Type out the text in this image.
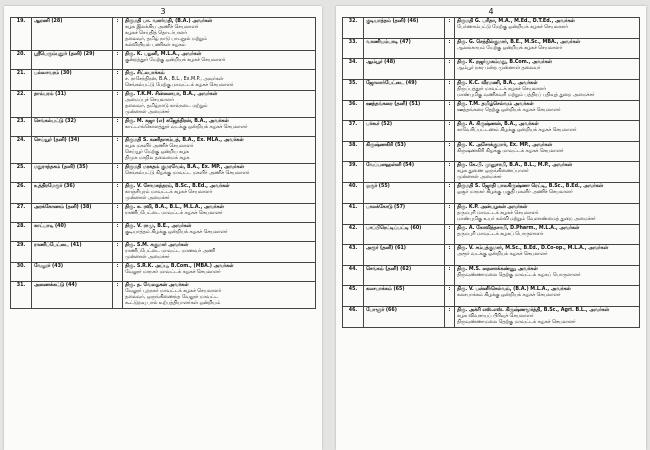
3
19.	ஆரணி (28)	:	திருமதி பா. வளர்மதி, (B.A.) அவர்கள்
கழக இலக்கிய அணிச் செயலாளர்
கழகச் செய்தித் தொடர்பாளர்
தலைவர், தமிழ் நாடு பாடநூல் மற்றும்
கல்வியியல் பணிகள் கழகம்

20.	ஸ்ரீபெரும்புதூர் (தனி) (29)	:	திரு. K. பழனி, M.L.A., அவர்கள்
குன்றத்தூர் மேற்கு ஒன்றியக் கழகச் செயலாளர்

21.	பல்லாவரம் (30)	:	திரு. சிட்லபாக்கம்
ச. ராசேந்திரன், B.A., B.L., Ex.M.P., அவர்கள்
செங்கல்பட்டு மேற்கு மாவட்டக் கழகச் செயலாளர்

22.	தாம்பரம் (31)	:	திரு. T.K.M. சின்னையா, B.A., அவர்கள்
அமைப்புச் செயலாளர்
தலைவர், தமிழ்நாடு கால்நடை மற்றும்
முன்னாள் அமைச்சர்

23.	செங்கல்பட்டு (32)	:	திரு. M. கஜா (எ) கஜேந்திரன், B.A., அவர்கள்
காட்டாங்கொளத்தூர் வடக்கு ஒன்றியக் கழகச் செயலாளர்

24.	செய்யூர் (தனி) (34)	:	திருமதி S. கணிதாசம்பத், B.A., Ex. MLA., அவர்கள்
கழக மகளிர் அணிச் செயலாளர்
செய்யூர் மேற்கு ஒன்றிய கழக
திமுக மாநில தலைமைக் கழக

25.	மதுராந்தகம் (தனி) (35)	:	திருமதி மரகதம் குமரவேல், B.A., Ex. MP., அவர்கள்
செங்கல்பட்டு கிழக்கு மாவட்ட மகளிர் அணிச் செயலாளர்

26.	உத்திரமேரூர் (36)	:	திரு. V. சோமசுந்தரம், B.Sc., B.Ed., அவர்கள்
காஞ்சிபுரம் மாவட்டக் கழகச் செயலாளர்
முன்னாள் அமைச்சர்

27.	அரக்கோணம் (தனி) (38)	:	திரு. சு. ரவி, B.A., B.L., M.L.A., அவர்கள்
ராணிப்பேட்டை மாவட்டக் கழகச் செயலாளர்

28.	காட்பாடி (40)	:	திரு. V. ராமு, B.E., அவர்கள்
குடியாத்தம் கிழக்கு ஒன்றியக் கழகச் செயலாளர்

29.	ராணிப்பேட்டை (41)	:	திரு. S.M. சுகுமார் அவர்கள்
ராணிப்பேட்டை மாவட்ட மாணவர் அணி
முன்னாள் அமைச்சர்

30.	வேலூர் (43)	:	திரு. S.R.K. அப்பு, B.Com., (MBA.) அவர்கள்
வேலூர் மாநகர் மாவட்டக் கழகச் செயலாளர்

31.	அணைக்கட்டு (44)	:	திரு. த. வேலழகன் அவர்கள்
வேலூர் புறநகர் மாவட்டக் கழகச் செயலாளர்
தலைவர், ஒருங்கிணைந்த வேலூர் மாவட்ட
கூட்டுறவு பால் உற்பத்தியாளர்கள் ஒன்றியம்
4
32.	குடியாத்தம் (தனி) (46)	:	திருமதி G. பரிதா, M.A., M.Ed., D.T.Ed., அவர்கள்
பேர்ணாம்பட்டு மேற்கு ஒன்றியக் கழகச் செயலாளர்

33.	வாணியம்பாடி (47)	:	திரு. G. செந்தில்குமார், B.E., M.Sc., MBA., அவர்கள்
ஆலங்காயம் மேற்கு ஒன்றியக் கழகச் செயலாளர்

34.	ஆம்பூர் (48)	:	திரு. K. நஜர்முகம்மது, B.Com., அவர்கள்
ஆம்பூர் நகர மன்ற முன்னாள் தலைவர்

35.	ஜோலார்பேட்டை (49)	:	திரு. K.C. வீரமணி, B.A., அவர்கள்
திருப்பத்தூர் மாவட்டக் கழகச் செயலாளர்
மாண்புமிகு வணிகவரி மற்றும் பத்திரப் பதிவுத் துறை அமைச்சர்

36.	ஊத்தங்கரை (தனி) (51)	:	திரு. T.M. தமிழ்செல்வம் அவர்கள்
ஊத்தங்கரை தெற்கு ஒன்றியக் கழகச் செயலாளர்

37.	பர்கூர் (52)	:	திரு. A. கிருஷ்ணன், B.A., அவர்கள்
காவேரிப்பட்டணம் கிழக்கு ஒன்றியக் கழகச் செயலாளர்

38.	கிருஷ்ணகிரி (53)	:	திரு. K. அசோக்குமார், Ex. MP., அவர்கள்
கிருஷ்ணகிரி கிழக்கு மாவட்டக் கழகச் செயலாளர்

39.	வேப்பனஹள்ளி (54)	:	திரு. கே.பி. முனுசாமி, B.A., B.L., M.P., அவர்கள்
கழக துணை ஒருங்கிணைப்பாளர்
முன்னாள் அமைச்சர்

40.	ஓசூர் (55)	:	திருமதி S. ஜோதி பாலகிருஷ்ணா ரெட்டி, B.Sc., B.Ed., அவர்கள்
ஓசூர் மாநகர் கிழக்கு பகுதி மகளிர் அணிச் செயலாளர்

41.	பாலக்கோடு (57)	:	திரு. K.P. அன்பழகன் அவர்கள்
தருமபுரி மாவட்டக் கழகச் செயலாளர்
மாண்புமிகு உயர் கல்வி மற்றும் வேளாண்மைத் துறை அமைச்சர்

42.	பாப்பிரெட்டிப்பட்டி (60)	:	திரு. A. கோவிந்தசாமி, D.Pharm., M.L.A., அவர்கள்
தருமபுரி மாவட்டக் கழகப் பொருளாளர்

43.	அரூர் (தனி) (61)	:	திரு. V. சம்பத்குமார், M.Sc., B.Ed., D.Co-op., M.L.A., அவர்கள்
அரூர் வடக்கு ஒன்றியக் கழகச் செயலாளர்

44.	செங்கம் (தனி) (62)	:	திரு. M.S. நைனாக்கண்ணு அவர்கள்
திருவண்ணாமலை தெற்கு மாவட்டக் கழகப் பொருளாளர்

45.	கலசபாக்கம் (65)	:	திரு. V. பன்னீர்செல்வம், (B.A.) M.L.A., அவர்கள்
கலசபாக்கம் கிழக்கு ஒன்றியக் கழகச் செயலாளர்

46.	போளூர் (66)	:	திரு. அக்ரி எஸ்.எஸ். கிருஷ்ணமூர்த்தி, B.Sc., Agri. B.L., அவர்கள்
கழக விவசாயப் பிரிவுச் செயலாளர்
திருவண்ணாமலை தெற்கு மாவட்டக் கழகச் செயலாளர்
